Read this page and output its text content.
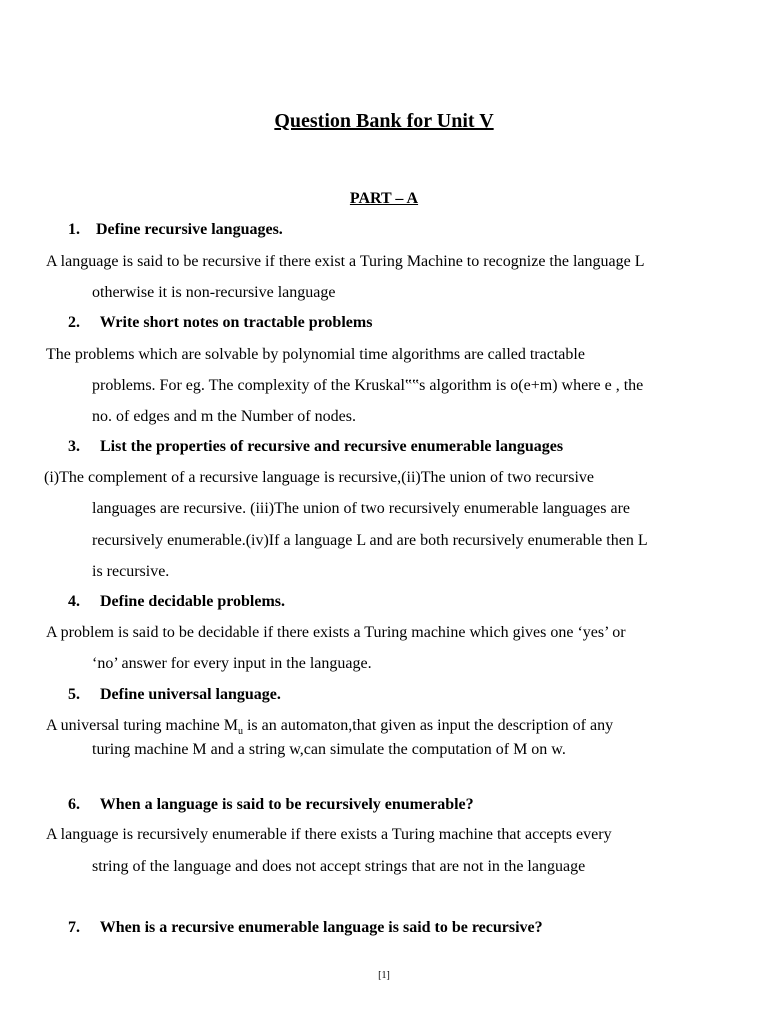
Question Bank for Unit V
PART – A
1. Define recursive languages.
A language is said to be recursive if there exist a Turing Machine to recognize the language L
otherwise it is non-recursive language
2. Write short notes on tractable problems
The problems which are solvable by polynomial time algorithms are called tractable
problems. For eg. The complexity of the Kruskal‟‟s algorithm is o(e+m) where e , the
no. of edges and m the Number of nodes.
3. List the properties of recursive and recursive enumerable languages
(i)The complement of a recursive language is recursive,(ii)The union of two recursive
languages are recursive. (iii)The union of two recursively enumerable languages are
recursively enumerable.(iv)If a language L and are both recursively enumerable then L
is recursive.
4. Define decidable problems.
A problem is said to be decidable if there exists a Turing machine which gives one ‘yes’ or
‘no’ answer for every input in the language.
5. Define universal language.
A universal turing machine $M_u$ is an automaton,that given as input the description of any
turing machine M and a string w,can simulate the computation of M on w.
6. When a language is said to be recursively enumerable?
A language is recursively enumerable if there exists a Turing machine that accepts every
string of the language and does not accept strings that are not in the language
7. When is a recursive enumerable language is said to be recursive?
[1]
